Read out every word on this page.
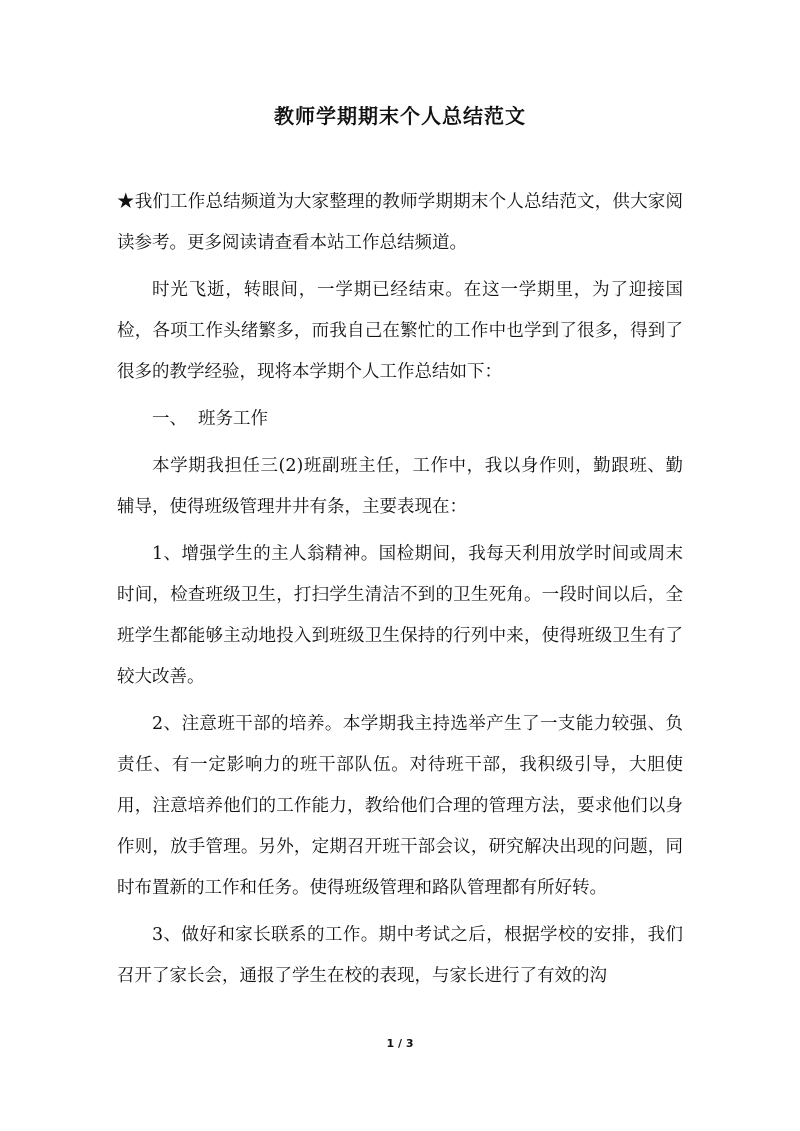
教师学期期末个人总结范文

★我们工作总结频道为大家整理的教师学期期末个人总结范文，供大家阅读参考。更多阅读请查看本站工作总结频道。

时光飞逝，转眼间，一学期已经结束。在这一学期里，为了迎接国检，各项工作头绪繁多，而我自己在繁忙的工作中也学到了很多，得到了很多的教学经验，现将本学期个人工作总结如下：

一、 班务工作

本学期我担任三(2)班副班主任，工作中，我以身作则，勤跟班、勤辅导，使得班级管理井井有条，主要表现在：

1、增强学生的主人翁精神。国检期间，我每天利用放学时间或周末时间，检查班级卫生，打扫学生清洁不到的卫生死角。一段时间以后，全班学生都能够主动地投入到班级卫生保持的行列中来，使得班级卫生有了较大改善。

2、注意班干部的培养。本学期我主持选举产生了一支能力较强、负责任、有一定影响力的班干部队伍。对待班干部，我积级引导，大胆使用，注意培养他们的工作能力，教给他们合理的管理方法，要求他们以身作则，放手管理。另外，定期召开班干部会议，研究解决出现的问题，同时布置新的工作和任务。使得班级管理和路队管理都有所好转。

3、做好和家长联系的工作。期中考试之后，根据学校的安排，我们召开了家长会，通报了学生在校的表现，与家长进行了有效的沟

1 / 3
